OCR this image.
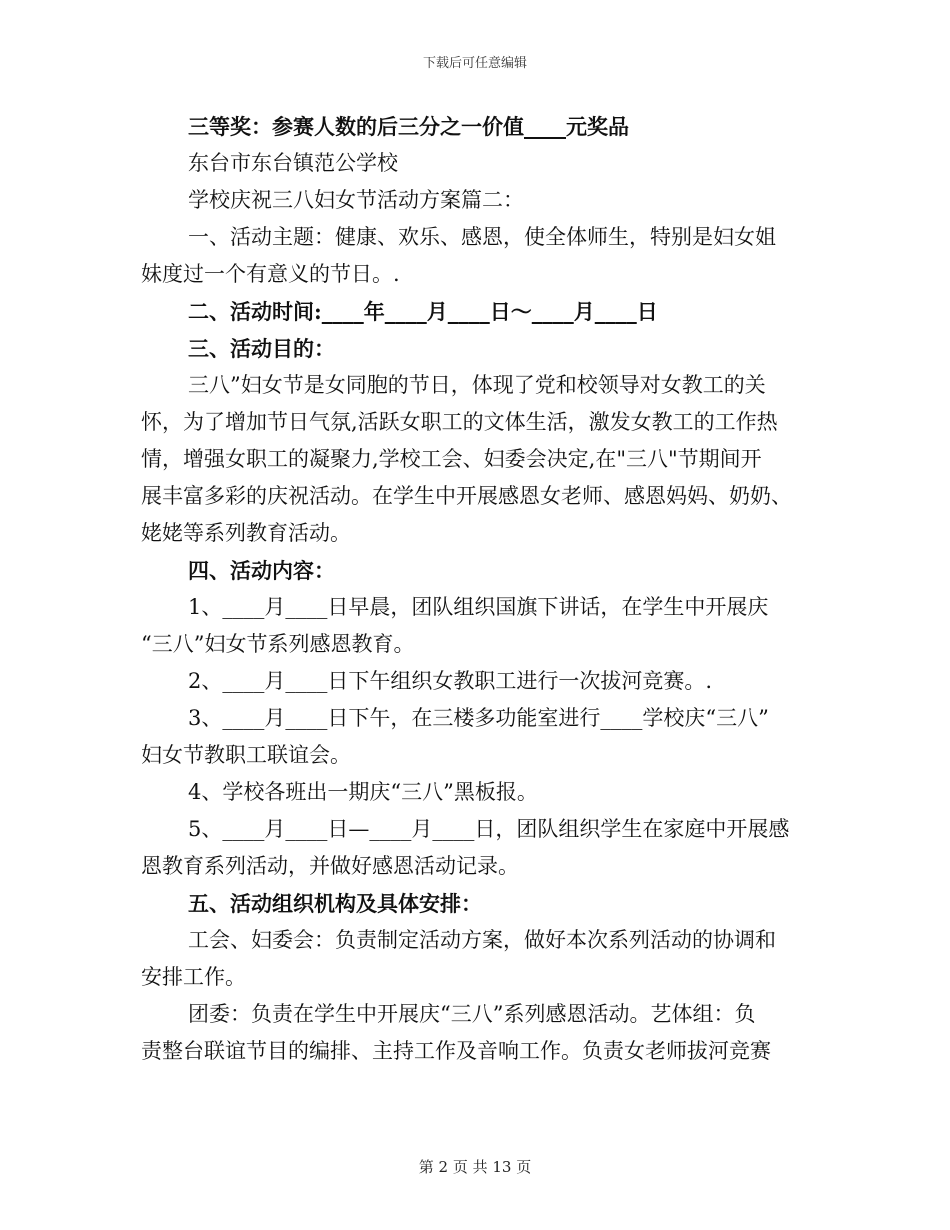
下载后可任意编辑
三等奖：参赛人数的后三分之一价值____元奖品
东台市东台镇范公学校
学校庆祝三八妇女节活动方案篇二：
一、活动主题：健康、欢乐、感恩，使全体师生，特别是妇女姐
妹度过一个有意义的节日。.
二、活动时间:____年____月____日～____月____日
三、活动目的：
三八”妇女节是女同胞的节日，体现了党和校领导对女教工的关
怀，为了增加节日气氛,活跃女职工的文体生活，激发女教工的工作热
情，增强女职工的凝聚力,学校工会、妇委会决定,在"三八"节期间开
展丰富多彩的庆祝活动。在学生中开展感恩女老师、感恩妈妈、奶奶、
姥姥等系列教育活动。
四、活动内容：
1、____月____日早晨，团队组织国旗下讲话，在学生中开展庆
“三八”妇女节系列感恩教育。
2、____月____日下午组织女教职工进行一次拔河竞赛。.
3、____月____日下午，在三楼多功能室进行____学校庆“三八”
妇女节教职工联谊会。
4、学校各班出一期庆“三八”黑板报。
5、____月____日—____月____日，团队组织学生在家庭中开展感
恩教育系列活动，并做好感恩活动记录。
五、活动组织机构及具体安排：
工会、妇委会：负责制定活动方案，做好本次系列活动的协调和
安排工作。
团委：负责在学生中开展庆“三八”系列感恩活动。艺体组：负
责整台联谊节目的编排、主持工作及音响工作。负责女老师拔河竞赛
第 2 页 共 13 页
